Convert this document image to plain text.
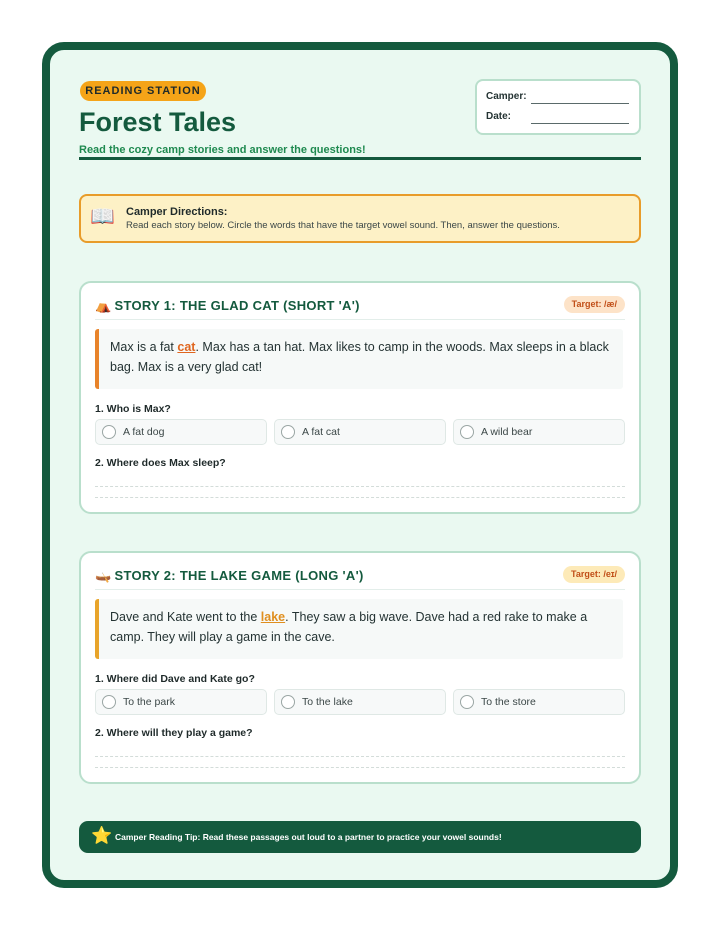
READING STATION
Forest Tales
Read the cozy camp stories and answer the questions!
Camper:
Date:
📖 Camper Directions:
Read each story below. Circle the words that have the target vowel sound. Then, answer the questions.
⛺ STORY 1: THE GLAD CAT (SHORT 'A')	Target: /æ/
Max is a fat cat. Max has a tan hat. Max likes to camp in the woods. Max sleeps in a black bag. Max is a very glad cat!
1. Who is Max?
A fat dog	A fat cat	A wild bear
2. Where does Max sleep?
🛶 STORY 2: THE LAKE GAME (LONG 'A')	Target: /eɪ/
Dave and Kate went to the lake. They saw a big wave. Dave had a red rake to make a camp. They will play a game in the cave.
1. Where did Dave and Kate go?
To the park	To the lake	To the store
2. Where will they play a game?
⭐ Camper Reading Tip: Read these passages out loud to a partner to practice your vowel sounds!
